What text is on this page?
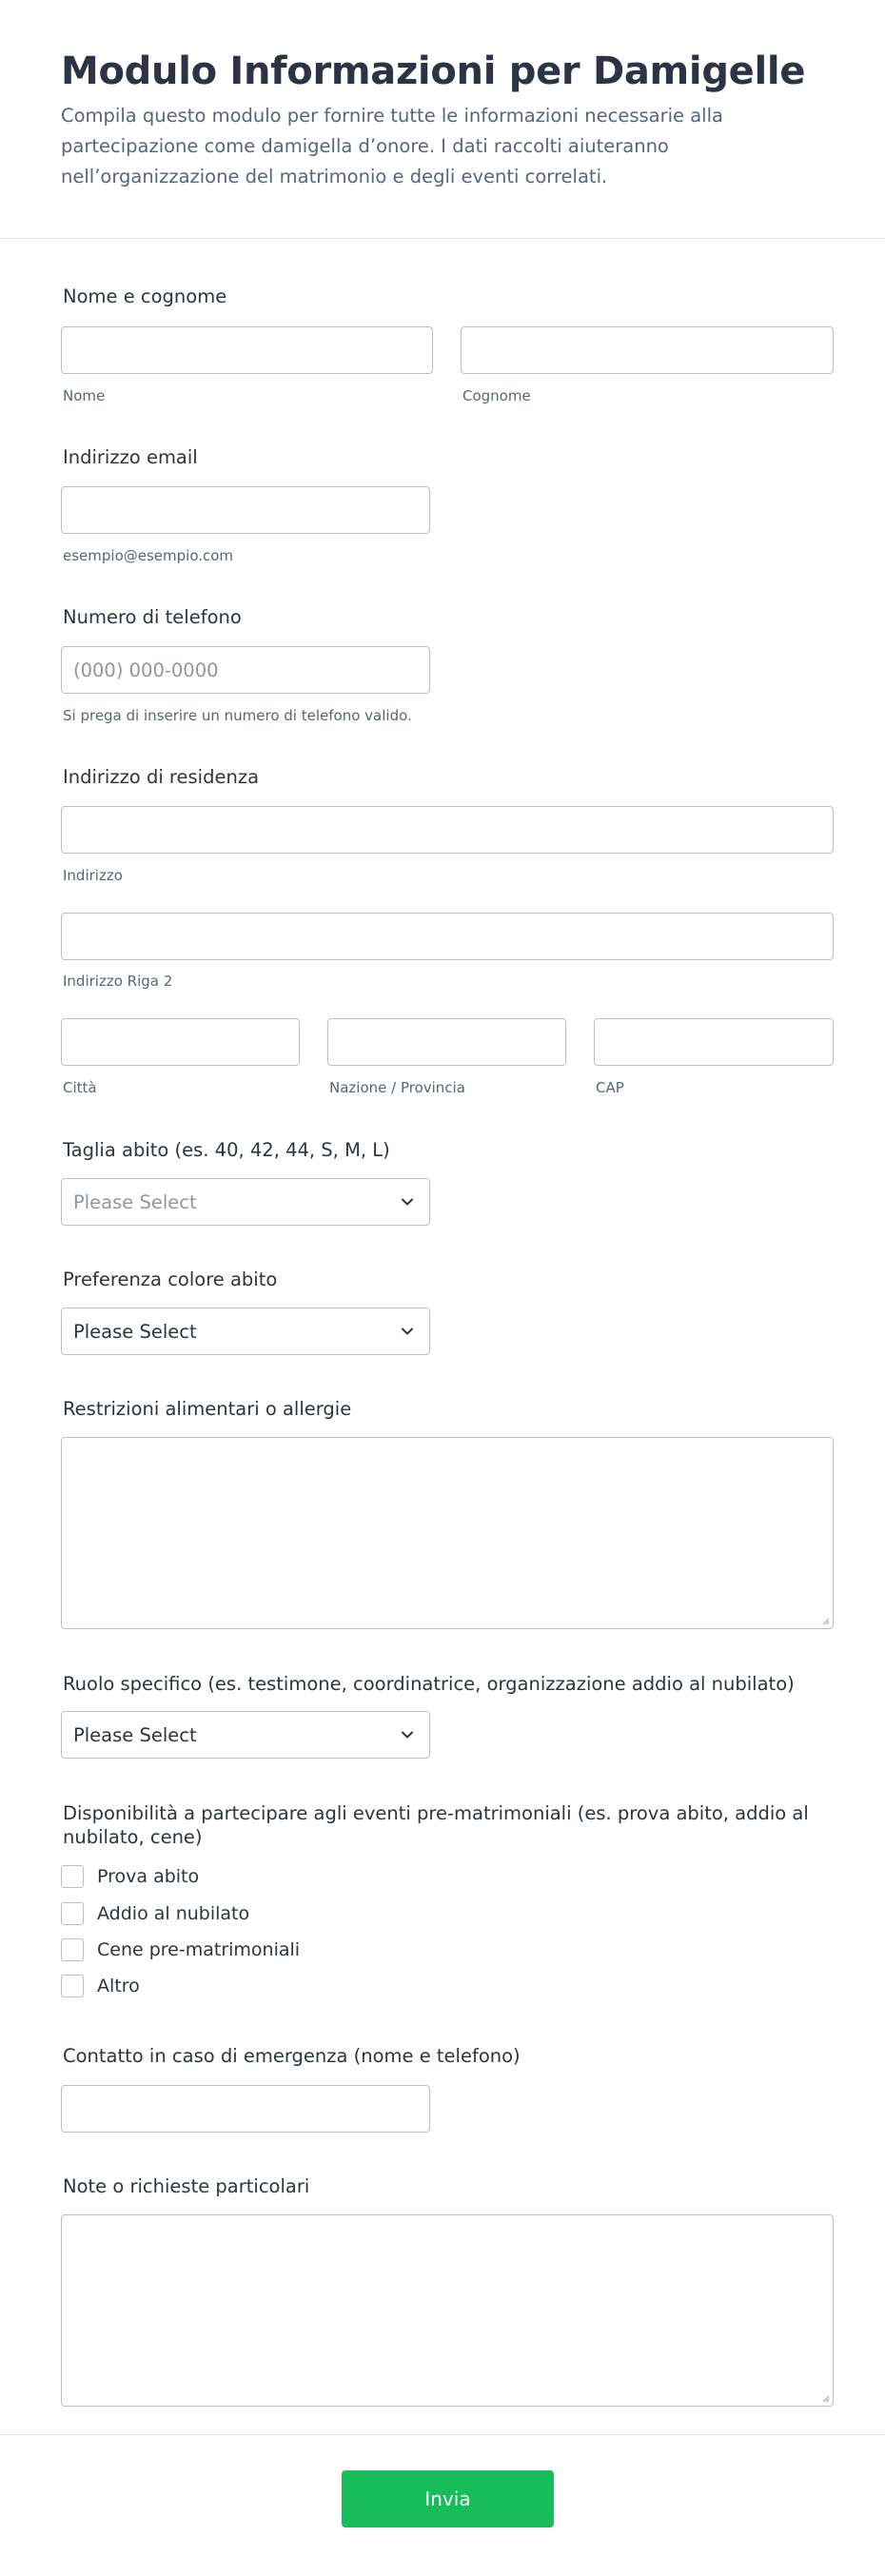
Modulo Informazioni per Damigelle

Compila questo modulo per fornire tutte le informazioni necessarie alla partecipazione come damigella d’onore. I dati raccolti aiuteranno nell’organizzazione del matrimonio e degli eventi correlati.

Nome e cognome
Nome	Cognome
Indirizzo email
esempio@esempio.com
Numero di telefono
(000) 000-0000
Si prega di inserire un numero di telefono valido.
Indirizzo di residenza
Indirizzo
Indirizzo Riga 2
Città	Nazione / Provincia	CAP
Taglia abito (es. 40, 42, 44, S, M, L)
Please Select
Preferenza colore abito
Please Select
Restrizioni alimentari o allergie
Ruolo specifico (es. testimone, coordinatrice, organizzazione addio al nubilato)
Please Select
Disponibilità a partecipare agli eventi pre-matrimoniali (es. prova abito, addio al nubilato, cene)
Prova abito
Addio al nubilato
Cene pre-matrimoniali
Altro
Contatto in caso di emergenza (nome e telefono)
Note o richieste particolari
Invia
